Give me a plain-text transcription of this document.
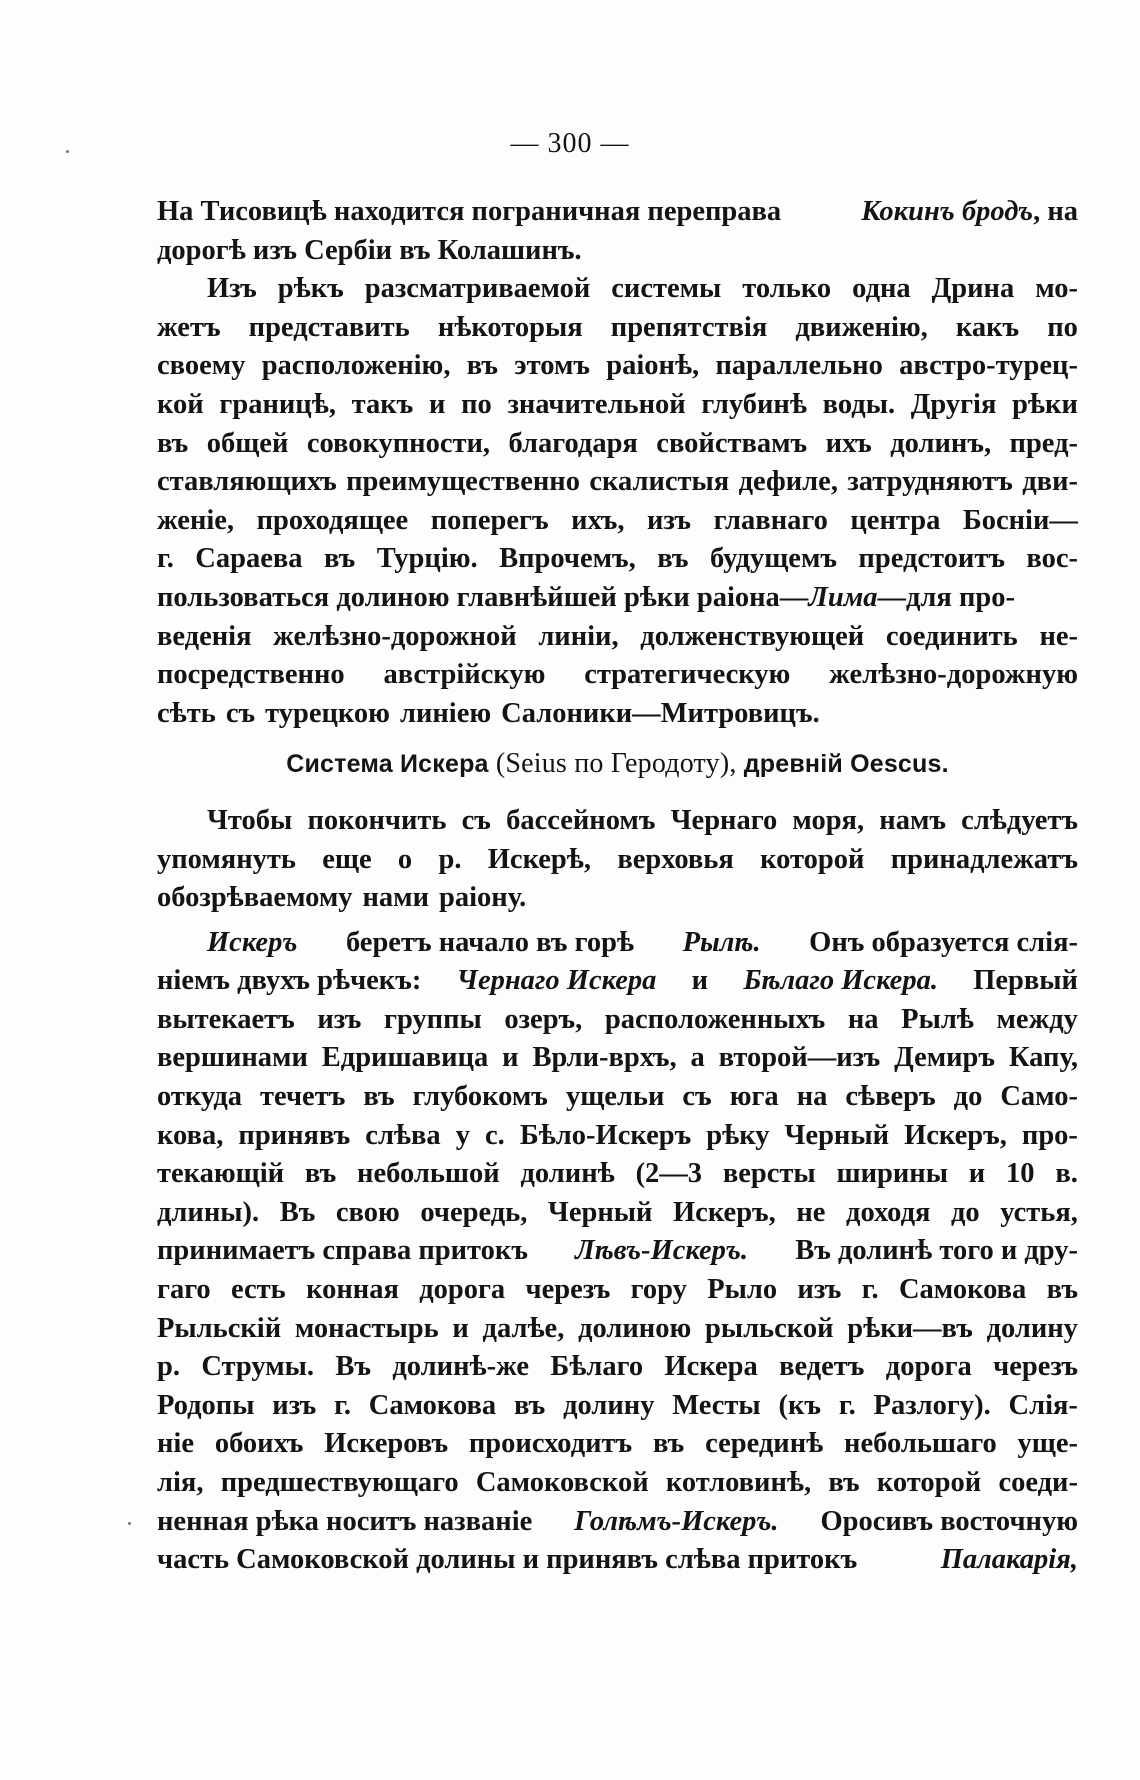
— 300 —
На Тисовицѣ находится пограничная переправа	Кокинъ бродъ, на
дорогѣ изъ Сербіи въ Колашинъ.
Изъ рѣкъ разсматриваемой системы только одна Дрина мо-
жетъ представить нѣкоторыя препятствія движенію, какъ по
своему расположенію, въ этомъ раіонѣ, параллельно австро-турец-
кой границѣ, такъ и по значительной глубинѣ воды. Другія рѣки
въ общей совокупности, благодаря свойствамъ ихъ долинъ, пред-
ставляющихъ преимущественно скалистыя дефиле, затрудняютъ дви-
женіе, проходящее поперегъ ихъ, изъ главнаго центра Босніи—
г. Сараева въ Турцію. Впрочемъ, въ будущемъ предстоитъ вос-
пользоваться долиною главнѣйшей рѣки раіона—Лима—для про-
веденія желѣзно-дорожной линіи, долженствующей соединить не-
посредственно австрійскую стратегическую желѣзно-дорожную
сѣть съ турецкою линіею Салоники—Митровицъ.
Система Искера (Seius по Геродоту), древній Oescus.
Чтобы покончить съ бассейномъ Чернаго моря, намъ слѣдуетъ
упомянуть еще о р. Искерѣ, верховья которой принадлежатъ
обозрѣваемому нами раіону.
Искеръ беретъ начало въ горѣ Рылѣ. Онъ образуется слія-
ніемъ двухъ рѣчекъ: Чернаго Искера и Бѣлаго Искера. Первый
вытекаетъ изъ группы озеръ, расположенныхъ на Рылѣ между
вершинами Едришавица и Врли-врхъ, а второй—изъ Демиръ Капу,
откуда течетъ въ глубокомъ ущельи съ юга на сѣверъ до Само-
кова, принявъ слѣва у с. Бѣло-Искеръ рѣку Черный Искеръ, про-
текающій въ небольшой долинѣ (2—3 версты ширины и 10 в.
длины). Въ свою очередь, Черный Искеръ, не доходя до устья,
принимаетъ справа притокъ Лѣвъ-Искеръ. Въ долинѣ того и дру-
гаго есть конная дорога черезъ гору Рыло изъ г. Самокова въ
Рыльскій монастырь и далѣе, долиною рыльской рѣки—въ долину
р. Струмы. Въ долинѣ-же Бѣлаго Искера ведетъ дорога черезъ
Родопы изъ г. Самокова въ долину Месты (къ г. Разлогу). Слія-
ніе обоихъ Искеровъ происходитъ въ серединѣ небольшаго уще-
лія, предшествующаго Самоковской котловинѣ, въ которой соеди-
ненная рѣка носитъ названіе Голѣмъ-Искеръ. Оросивъ восточную
часть Самоковской долины и принявъ слѣва притокъ	Палакарія,
